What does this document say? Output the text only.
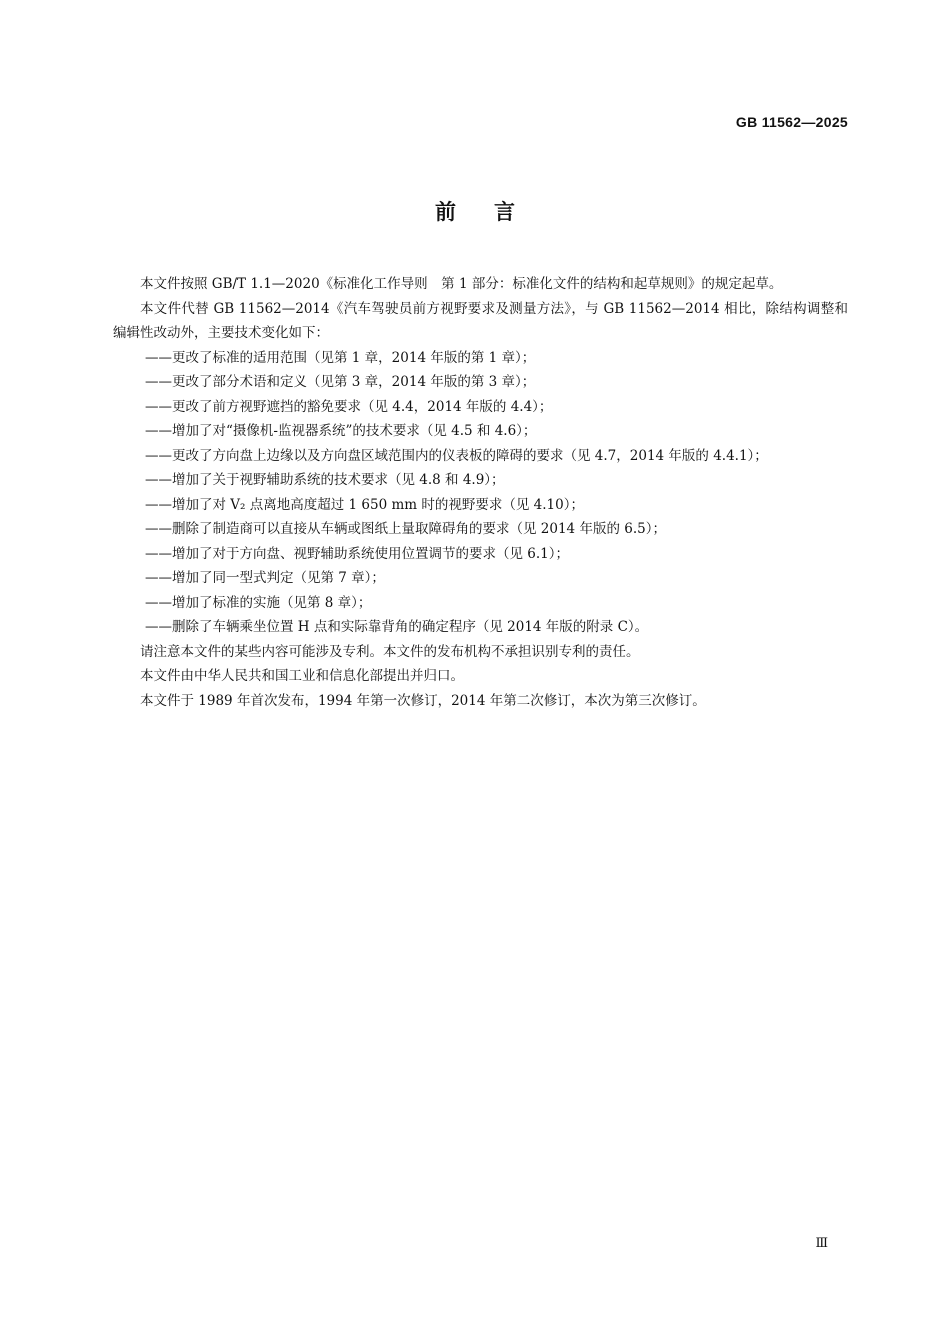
GB 11562—2025
前言

本文件按照 GB/T 1.1—2020《标准化工作导则　第 1 部分：标准化文件的结构和起草规则》的规定起草。

本文件代替 GB 11562—2014《汽车驾驶员前方视野要求及测量方法》，与 GB 11562—2014 相比，除结构调整和编辑性改动外，主要技术变化如下：

——更改了标准的适用范围（见第 1 章，2014 年版的第 1 章）；

——更改了部分术语和定义（见第 3 章，2014 年版的第 3 章）；

——更改了前方视野遮挡的豁免要求（见 4.4，2014 年版的 4.4）；

——增加了对“摄像机-监视器系统”的技术要求（见 4.5 和 4.6）；

——更改了方向盘上边缘以及方向盘区域范围内的仪表板的障碍的要求（见 4.7，2014 年版的 4.4.1）；

——增加了关于视野辅助系统的技术要求（见 4.8 和 4.9）；

——增加了对 V₂ 点离地高度超过 1 650 mm 时的视野要求（见 4.10）；

——删除了制造商可以直接从车辆或图纸上量取障碍角的要求（见 2014 年版的 6.5）；

——增加了对于方向盘、视野辅助系统使用位置调节的要求（见 6.1）；

——增加了同一型式判定（见第 7 章）；

——增加了标准的实施（见第 8 章）；

——删除了车辆乘坐位置 H 点和实际靠背角的确定程序（见 2014 年版的附录 C）。

请注意本文件的某些内容可能涉及专利。本文件的发布机构不承担识别专利的责任。

本文件由中华人民共和国工业和信息化部提出并归口。

本文件于 1989 年首次发布，1994 年第一次修订，2014 年第二次修订，本次为第三次修订。

Ⅲ
